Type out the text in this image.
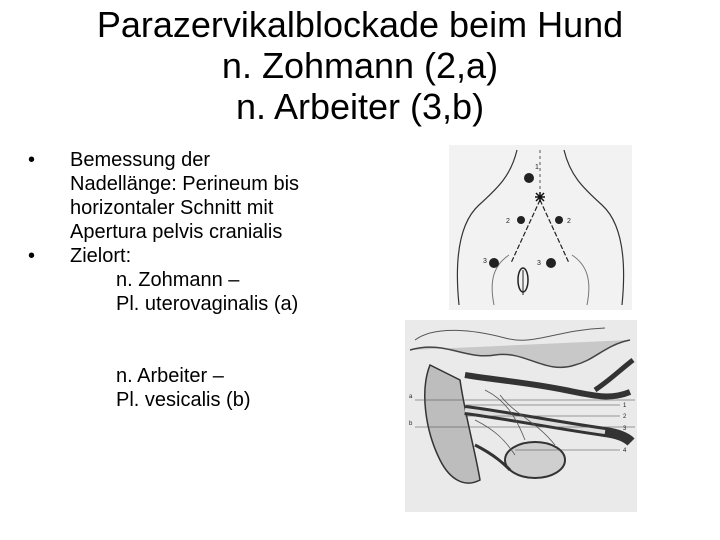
Parazervikalblockade beim Hund
n. Zohmann (2,a)
n. Arbeiter (3,b)
• Bemessung der
Nadellänge: Perineum bis
horizontaler Schnitt mit
Apertura pelvis cranialis
• Zielort:
n. Zohmann –
Pl. uterovaginalis (a)
n. Arbeiter –
Pl. vesicalis (b)
1
2	2
3	3
a
b
1
2
3
4
